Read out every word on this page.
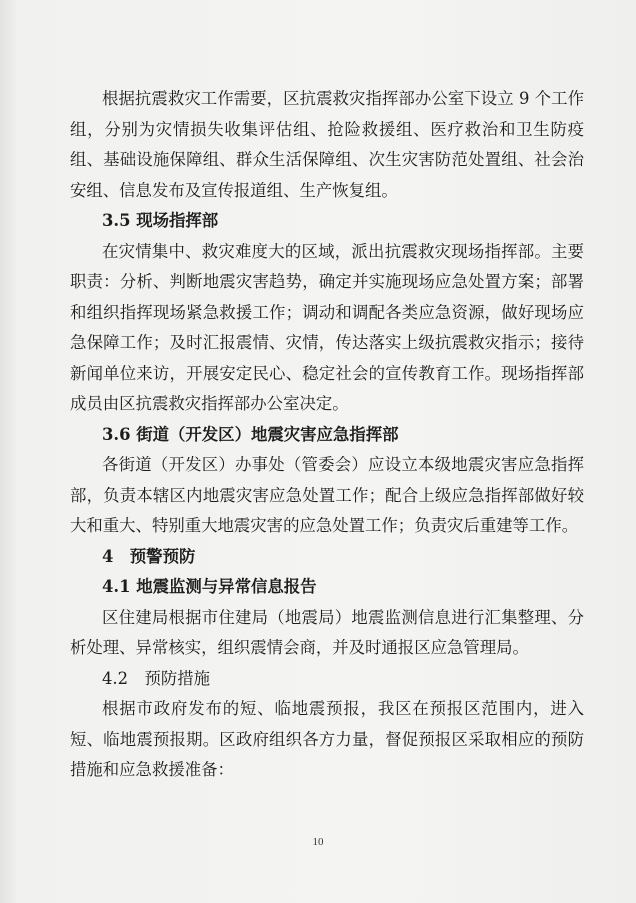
根据抗震救灾工作需要，区抗震救灾指挥部办公室下设立 9 个工作组，分别为灾情损失收集评估组、抢险救援组、医疗救治和卫生防疫组、基础设施保障组、群众生活保障组、次生灾害防范处置组、社会治安组、信息发布及宣传报道组、生产恢复组。

3.5 现场指挥部

在灾情集中、救灾难度大的区域，派出抗震救灾现场指挥部。主要职责：分析、判断地震灾害趋势，确定并实施现场应急处置方案；部署和组织指挥现场紧急救援工作；调动和调配各类应急资源，做好现场应急保障工作；及时汇报震情、灾情，传达落实上级抗震救灾指示；接待新闻单位来访，开展安定民心、稳定社会的宣传教育工作。现场指挥部成员由区抗震救灾指挥部办公室决定。

3.6 街道（开发区）地震灾害应急指挥部

各街道（开发区）办事处（管委会）应设立本级地震灾害应急指挥部，负责本辖区内地震灾害应急处置工作；配合上级应急指挥部做好较大和重大、特别重大地震灾害的应急处置工作；负责灾后重建等工作。

4　预警预防

4.1 地震监测与异常信息报告

区住建局根据市住建局（地震局）地震监测信息进行汇集整理、分析处理、异常核实，组织震情会商，并及时通报区应急管理局。

4.2　预防措施

根据市政府发布的短、临地震预报，我区在预报区范围内，进入短、临地震预报期。区政府组织各方力量，督促预报区采取相应的预防措施和应急救援准备：

10
